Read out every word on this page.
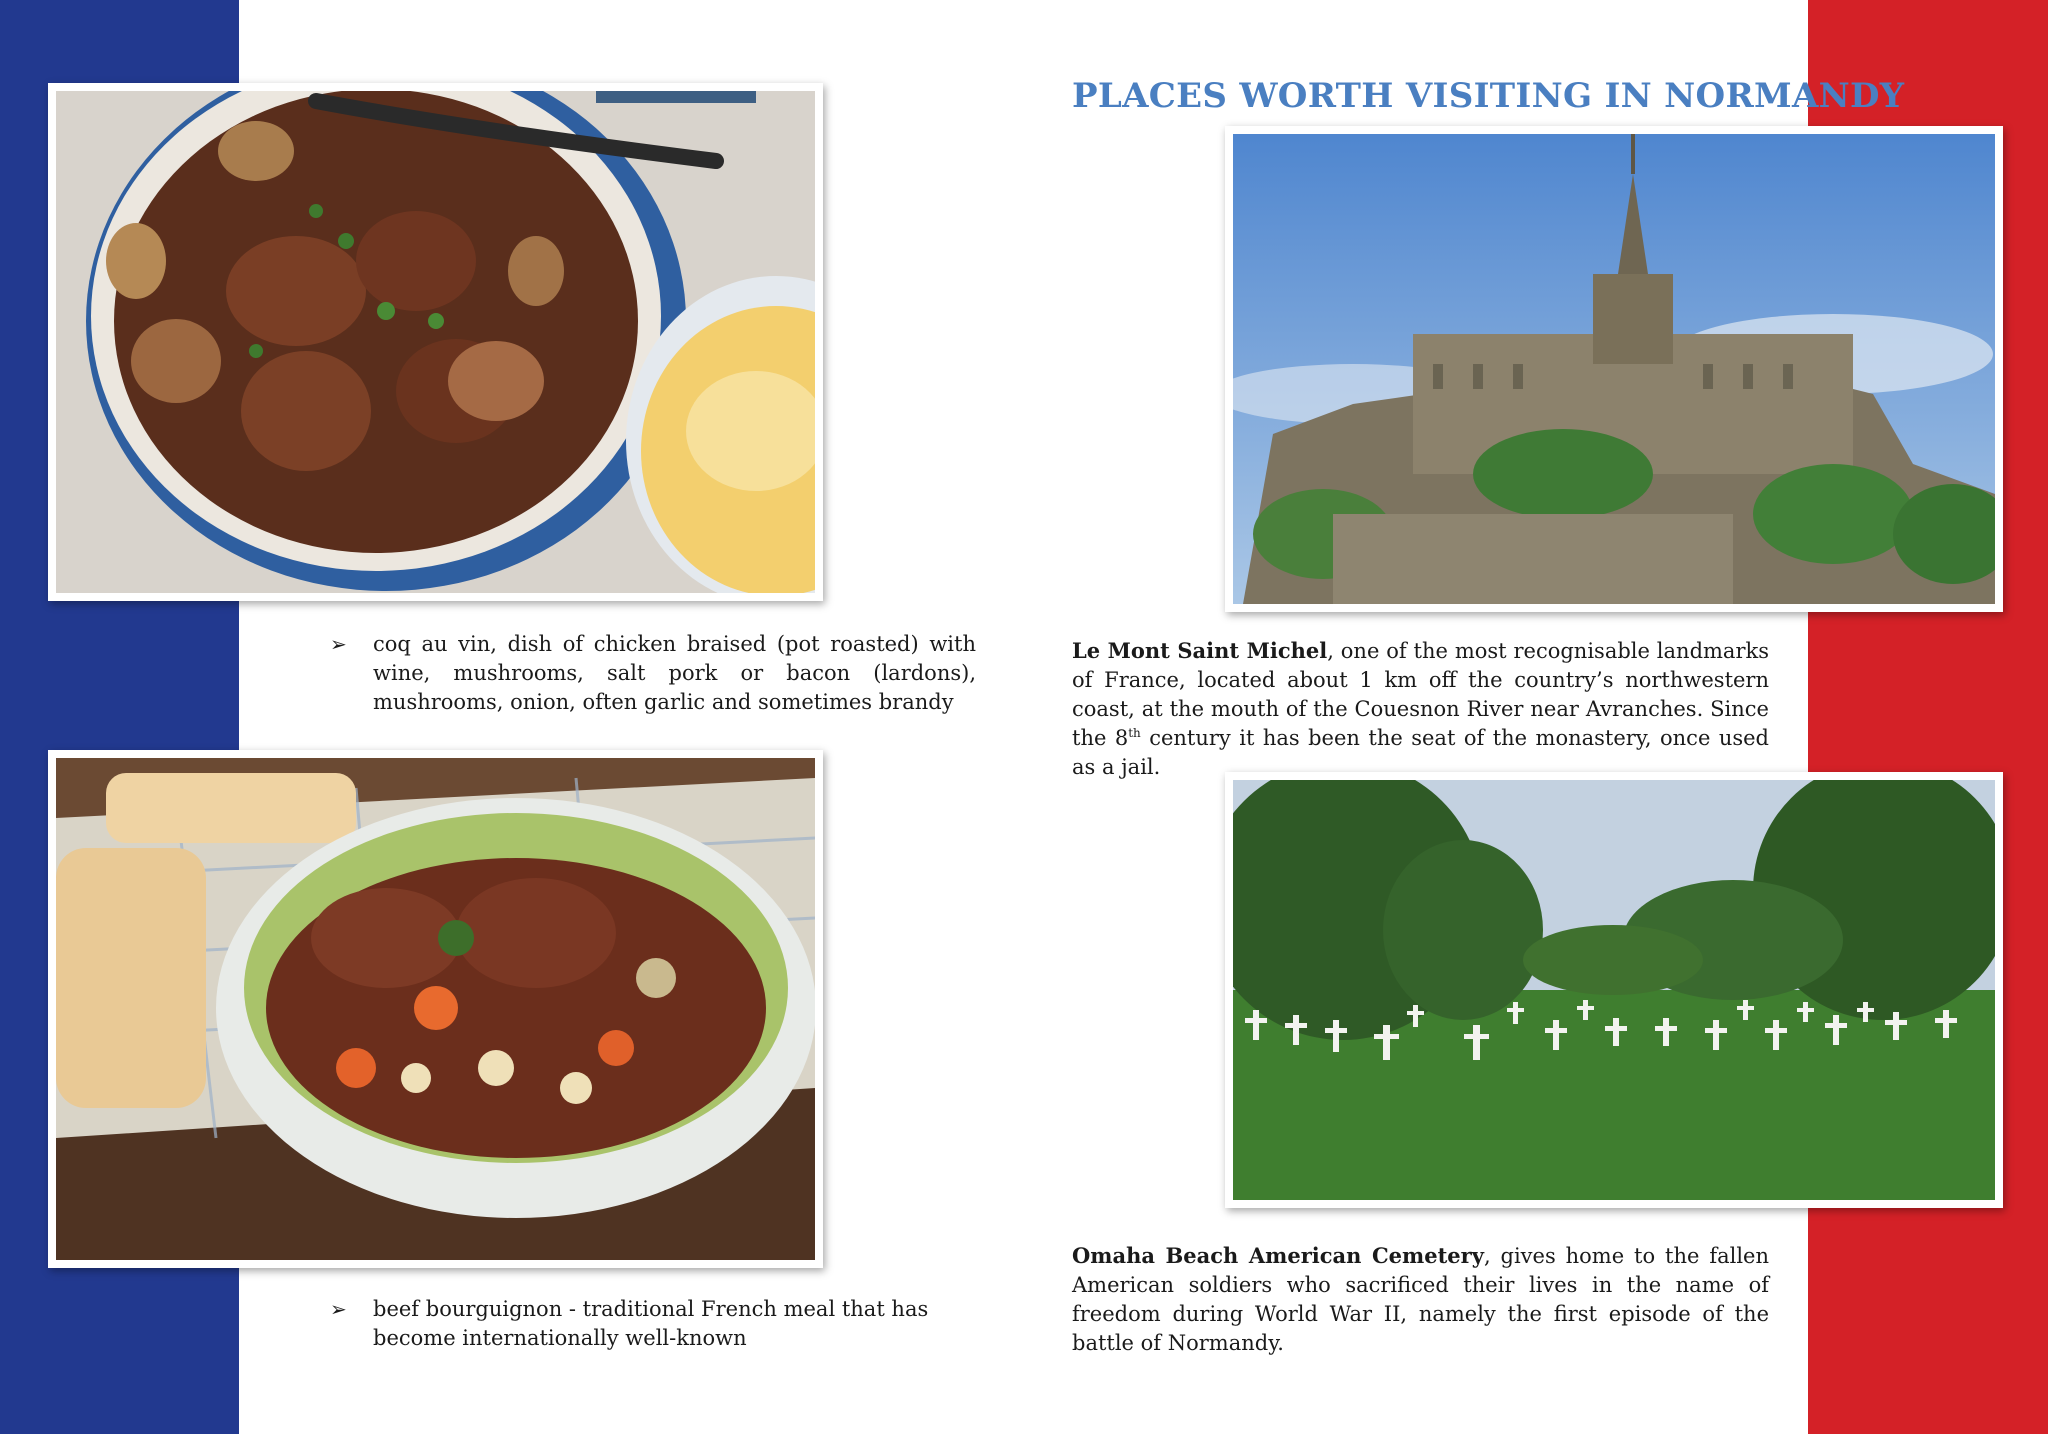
➢ coq au vin, dish of chicken braised (pot roasted) with wine, mushrooms, salt pork or bacon (lardons), mushrooms, onion, often garlic and sometimes brandy

➢ beef bourguignon - traditional French meal that has become internationally well-known

PLACES WORTH VISITING IN NORMANDY

Le Mont Saint Michel, one of the most recognisable landmarks of France, located about 1 km off the country’s northwestern coast, at the mouth of the Couesnon River near Avranches. Since the 8th century it has been the seat of the monastery, once used as a jail.

Omaha Beach American Cemetery, gives home to the fallen American soldiers who sacrificed their lives in the name of freedom during World War II, namely the first episode of the battle of Normandy.
